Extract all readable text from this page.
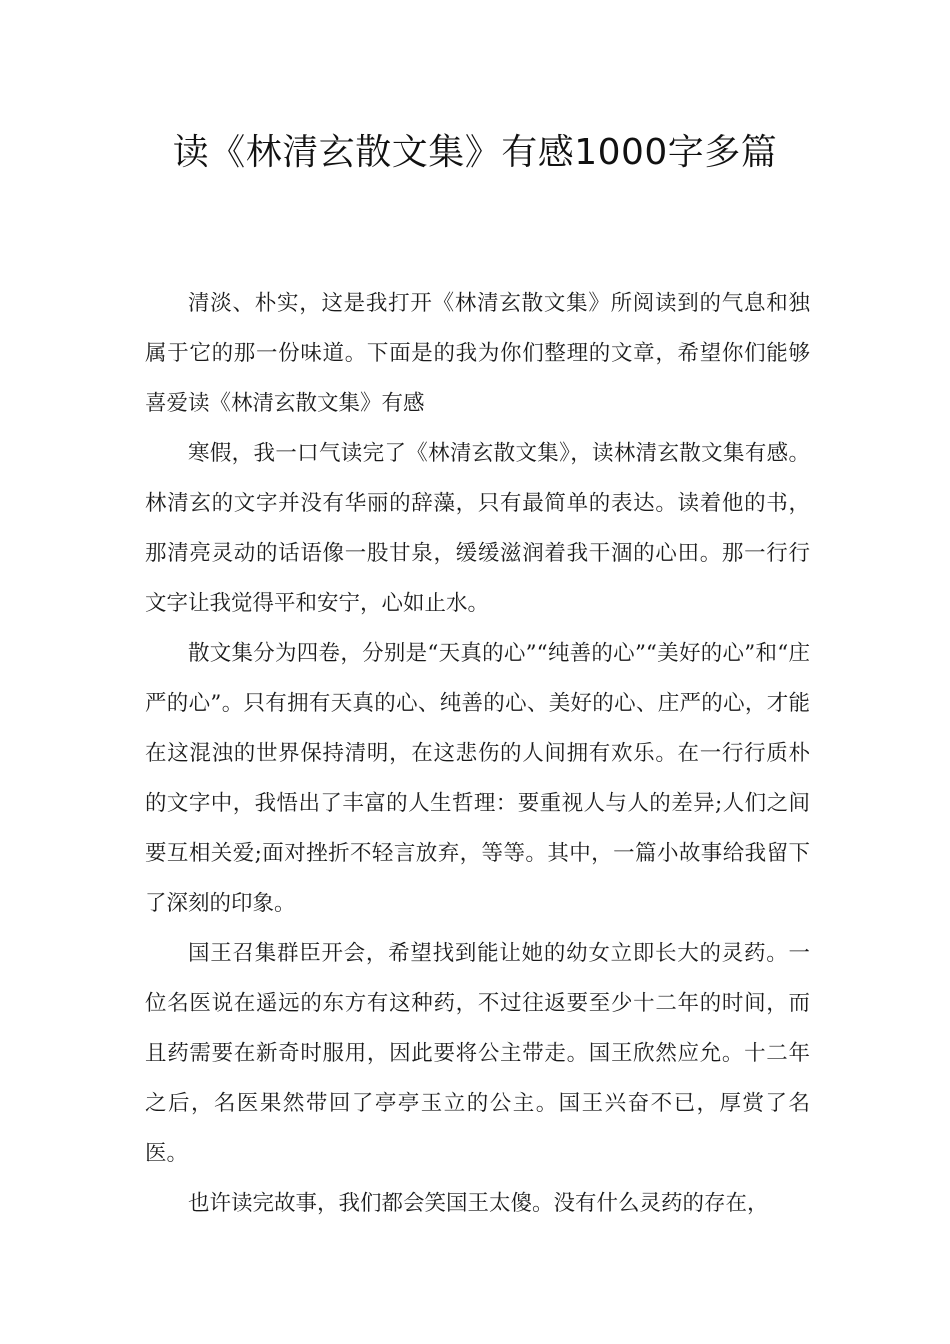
读《林清玄散文集》有感1000字多篇

清淡、朴实，这是我打开《林清玄散文集》所阅读到的气息和独属于它的那一份味道。下面是的我为你们整理的文章，希望你们能够喜爱读《林清玄散文集》有感

寒假，我一口气读完了《林清玄散文集》，读林清玄散文集有感。林清玄的文字并没有华丽的辞藻，只有最简单的表达。读着他的书，那清亮灵动的话语像一股甘泉，缓缓滋润着我干涸的心田。那一行行文字让我觉得平和安宁，心如止水。

散文集分为四卷，分别是“天真的心”“纯善的心”“美好的心”和“庄严的心”。只有拥有天真的心、纯善的心、美好的心、庄严的心，才能在这混浊的世界保持清明，在这悲伤的人间拥有欢乐。在一行行质朴的文字中，我悟出了丰富的人生哲理：要重视人与人的差异;人们之间要互相关爱;面对挫折不轻言放弃，等等。其中，一篇小故事给我留下了深刻的印象。

国王召集群臣开会，希望找到能让她的幼女立即长大的灵药。一位名医说在遥远的东方有这种药，不过往返要至少十二年的时间，而且药需要在新奇时服用，因此要将公主带走。国王欣然应允。十二年之后，名医果然带回了亭亭玉立的公主。国王兴奋不已，厚赏了名医。

也许读完故事，我们都会笑国王太傻。没有什么灵药的存在，
